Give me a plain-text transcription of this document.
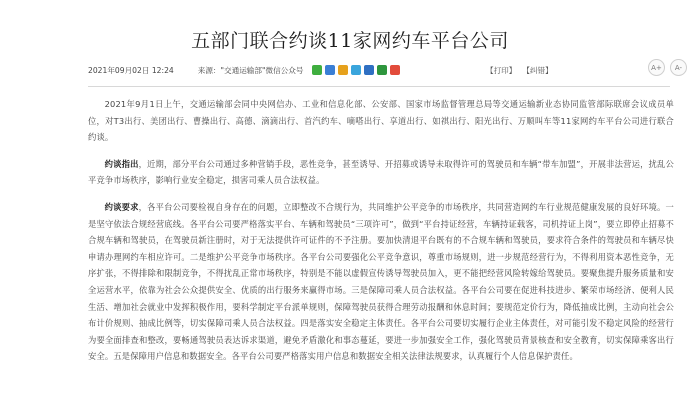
五部门联合约谈11家网约车平台公司
2021年09月02日 12:24	来源： "交通运输部"微信公众号	【打印】 【纠错】	A+	A-

2021年9月1日上午，交通运输部会同中央网信办、工业和信息化部、公安部、国家市场监督管理总局等交通运输新业态协同监管部际联席会议成员单位，对T3出行、美团出行、曹操出行、高德、滴滴出行、首汽约车、嘀嗒出行、享道出行、如祺出行、阳光出行、万顺叫车等11家网约车平台公司进行联合约谈。

约谈指出，近期，部分平台公司通过多种营销手段，恶性竞争，甚至诱导、开招募或诱导未取得许可的驾驶员和车辆“带车加盟”，开展非法营运，扰乱公平竞争市场秩序，影响行业安全稳定，损害司乘人员合法权益。

约谈要求，各平台公司要检视自身存在的问题，立即整改不合规行为，共同维护公平竞争的市场秩序，共同营造网约车行业规范健康发展的良好环境。一是坚守依法合规经营底线。各平台公司要严格落实平台、车辆和驾驶员“三项许可”，做到“平台持证经营，车辆持证载客，司机持证上岗”，要立即停止招募不合规车辆和驾驶员，在驾驶员新注册时，对于无法提供许可证件的不予注册。要加快清退平台既有的不合规车辆和驾驶员，要求符合条件的驾驶员和车辆尽快申请办理网约车相应许可。二是维护公平竞争市场秩序。各平台公司要强化公平竞争意识，尊重市场规则，进一步规范经营行为，不得利用资本恶性竞争，无序扩张，不得排除和限制竞争，不得扰乱正常市场秩序，特别是不能以虚假宣传诱导驾驶员加入，更不能把经营风险转嫁给驾驶员。要聚焦提升服务质量和安全运营水平，依靠为社会公众提供安全、优质的出行服务来赢得市场。三是保障司乘人员合法权益。各平台公司要在促进科技进步、繁荣市场经济、便利人民生活、增加社会就业中发挥积极作用，要科学制定平台派单规则，保障驾驶员获得合理劳动报酬和休息时间；要规范定价行为，降低抽成比例，主动向社会公布计价规则、抽成比例等，切实保障司乘人员合法权益。四是落实安全稳定主体责任。各平台公司要切实履行企业主体责任，对可能引发不稳定风险的经营行为要全面排查和整改，要畅通驾驶员表达诉求渠道，避免矛盾激化和事态蔓延，要进一步加强安全工作，强化驾驶员背景核查和安全教育，切实保障乘客出行安全。五是保障用户信息和数据安全。各平台公司要严格落实用户信息和数据安全相关法律法规要求，认真履行个人信息保护责任。
